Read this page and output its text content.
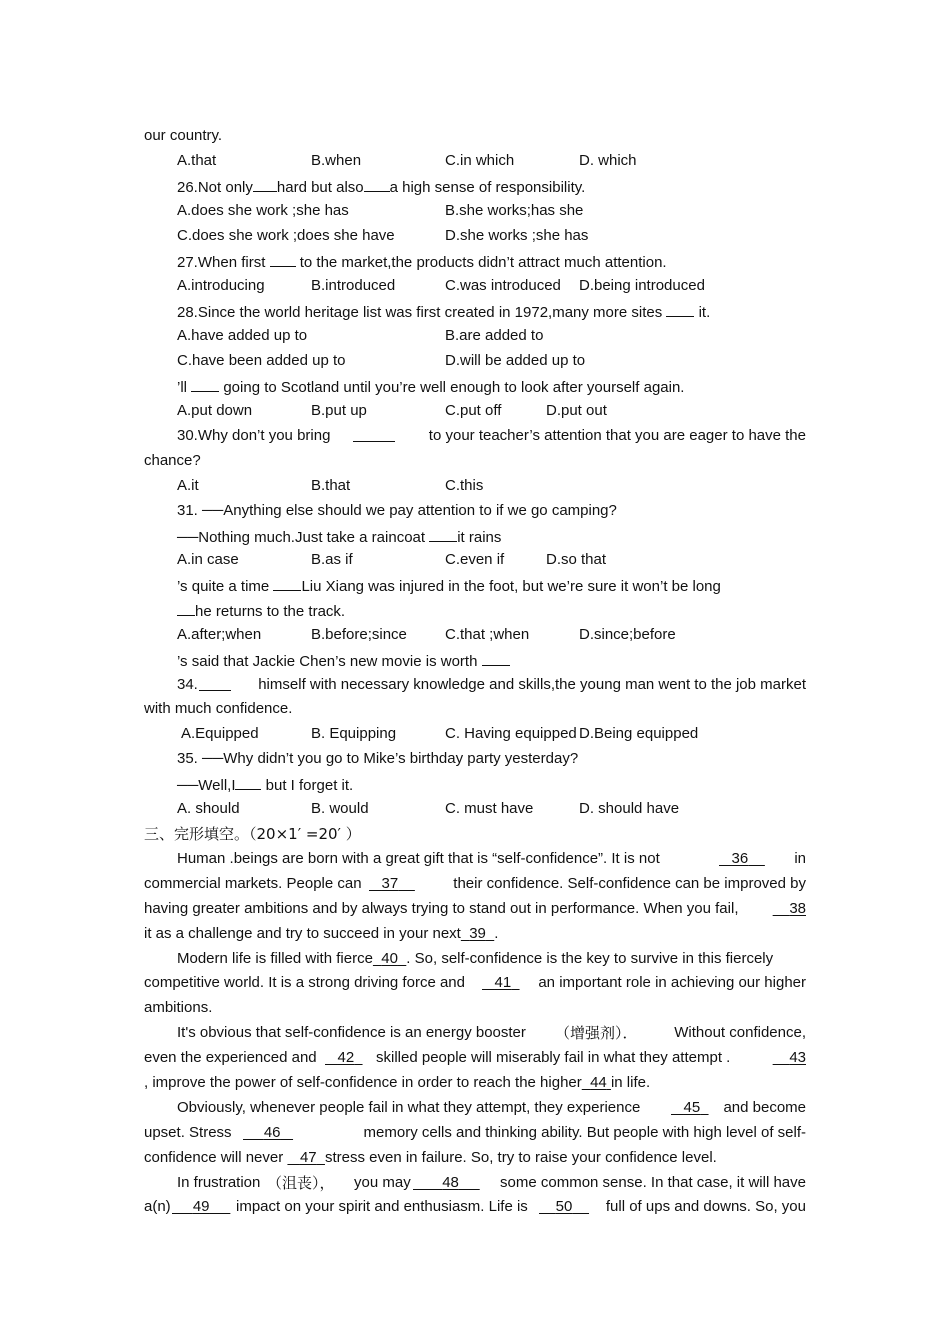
our country.
A.that	B.when	C.in which	D. which
26.Not only hard but also a high sense of responsibility.
A.does she work ;she has	B.she works;has she
C.does she work ;does she have	D.she works ;she has
27.When first to the market,the products didn’t attract much attention.
A.introducing	B.introduced	C.was introduced D.being introduced
28.Since the world heritage list was first created in 1972,many more sites it.
A.have added up to	B.are added to
C.have been added up to	D.will be added up to
’ll going to Scotland until you’re well enough to look after yourself again.
A.put down	B.put up	C.put off	D.put out
30.Why don’t you bring	to your teacher’s attention that you are eager to have the
chance?
A.it	B.that	C.this
31. ──Anything else should we pay attention to if we go camping?
──Nothing much.Just take a raincoat it rains
A.in case	B.as if	C.even if	D.so that
’s quite a time Liu Xiang was injured in the foot, but we’re sure it won’t be long
he returns to the track.
A.after;when	B.before;since	C.that ;when	D.since;before
’s said that Jackie Chen’s new movie is worth
34.	himself with necessary knowledge and skills,the young man went to the job market
with much confidence.
A.Equipped	B. Equipping	C. Having equipped D.Being equipped
35. ──Why didn’t you go to Mike’s birthday party yesterday?
──Well,I but I forget it.
A. should	B. would	C. must have	D. should have
三、完形填空。（20×1′ =20′ ）
Human .beings are born with a great gift that is “self-confidence”. It is not	36	in
commercial markets. People can	37	their confidence. Self-confidence can be improved by
having greater ambitions and by always trying to stand out in performance. When you fail,	38
it as a challenge and try to succeed in your next 39 .
Modern life is filled with fierce 40 . So, self-confidence is the key to survive in this fiercely
competitive world. It is a strong driving force and	41	an important role in achieving our higher
ambitions.
It's obvious that self-confidence is an energy booster （增强剂）． Without confidence,
even the experienced and	42	skilled people will miserably fail in what they attempt .	43
, improve the power of self-confidence in order to reach the higher 44 in life.
Obviously, whenever people fail in what they attempt, they experience	45	and become
upset. Stress	46	memory cells and thinking ability. But people with high level of self-
confidence will never 47 stress even in failure. So, try to raise your confidence level.
In frustration （沮丧）， you may	48	some common sense. In that case, it will have
a(n)	49	impact on your spirit and enthusiasm. Life is	50	full of ups and downs. So, you
